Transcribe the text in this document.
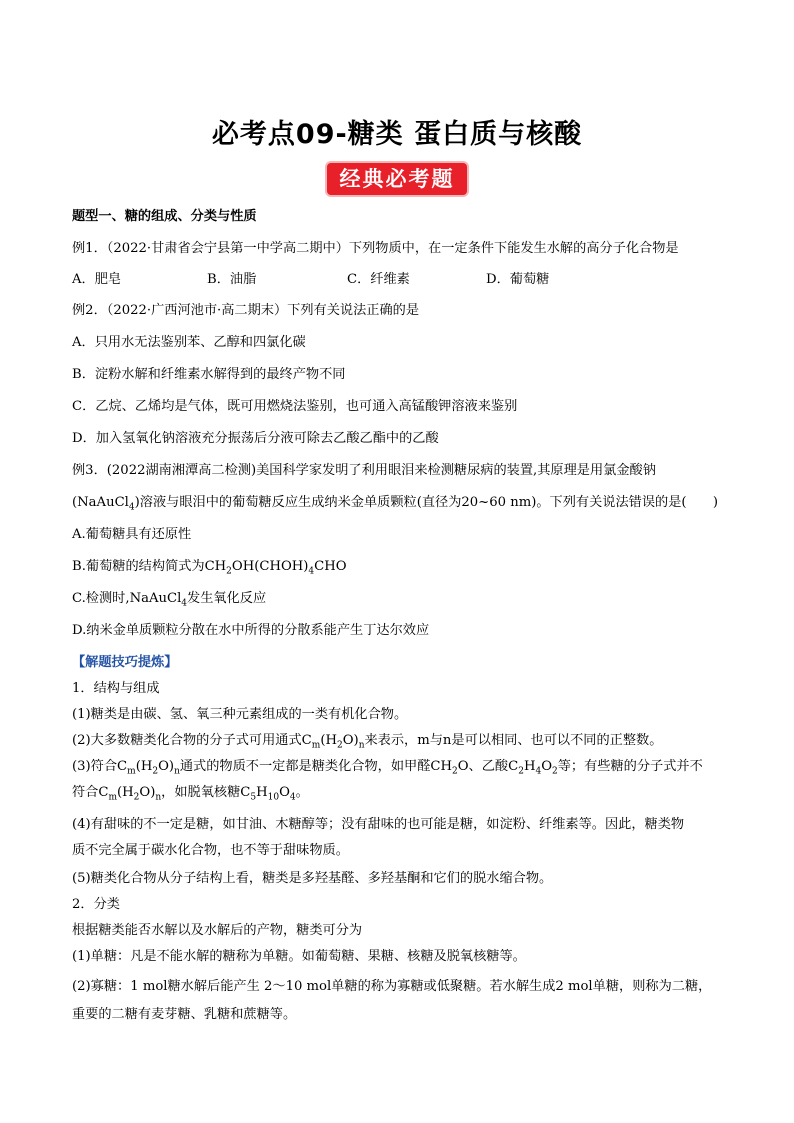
必考点09-糖类 蛋白质与核酸
经典必考题
题型一、糖的组成、分类与性质
例1．（2022·甘肃省会宁县第一中学高二期中）下列物质中，在一定条件下能发生水解的高分子化合物是
A．肥皂	B．油脂	C．纤维素	D．葡萄糖
例2．（2022·广西河池市·高二期末）下列有关说法正确的是
A．只用水无法鉴别苯、乙醇和四氯化碳
B．淀粉水解和纤维素水解得到的最终产物不同
C．乙烷、乙烯均是气体，既可用燃烧法鉴别，也可通入高锰酸钾溶液来鉴别
D．加入氢氧化钠溶液充分振荡后分液可除去乙酸乙酯中的乙酸
例3．(2022湖南湘潭高二检测)美国科学家发明了利用眼泪来检测糖尿病的装置,其原理是用氯金酸钠
(NaAuCl$_4$)溶液与眼泪中的葡萄糖反应生成纳米金单质颗粒(直径为20~60 nm)。下列有关说法错误的是(　　)
A.葡萄糖具有还原性
B.葡萄糖的结构简式为$CH_2OH(CHOH)_4CHO$
C.检测时,NaAuCl$_4$发生氧化反应
D.纳米金单质颗粒分散在水中所得的分散系能产生丁达尔效应
【解题技巧提炼】
1．结构与组成
(1)糖类是由碳、氢、氧三种元素组成的一类有机化合物。
(2)大多数糖类化合物的分子式可用通式$C_m(H_2O)_n$来表示，m与n是可以相同、也可以不同的正整数。
(3)符合$C_m(H_2O)_n$通式的物质不一定都是糖类化合物，如甲醛$CH_2O$、乙酸$C_2H_4O_2$等；有些糖的分子式并不
符合$C_m(H_2O)_n$，如脱氧核糖$C_5H_{10}O_4$。
(4)有甜味的不一定是糖，如甘油、木糖醇等；没有甜味的也可能是糖，如淀粉、纤维素等。因此，糖类物
质不完全属于碳水化合物，也不等于甜味物质。
(5)糖类化合物从分子结构上看，糖类是多羟基醛、多羟基酮和它们的脱水缩合物。
2．分类
根据糖类能否水解以及水解后的产物，糖类可分为
(1)单糖：凡是不能水解的糖称为单糖。如葡萄糖、果糖、核糖及脱氧核糖等。
(2)寡糖：1 mol糖水解后能产生 2～10 mol单糖的称为寡糖或低聚糖。若水解生成2 mol单糖，则称为二糖，
重要的二糖有麦芽糖、乳糖和蔗糖等。
